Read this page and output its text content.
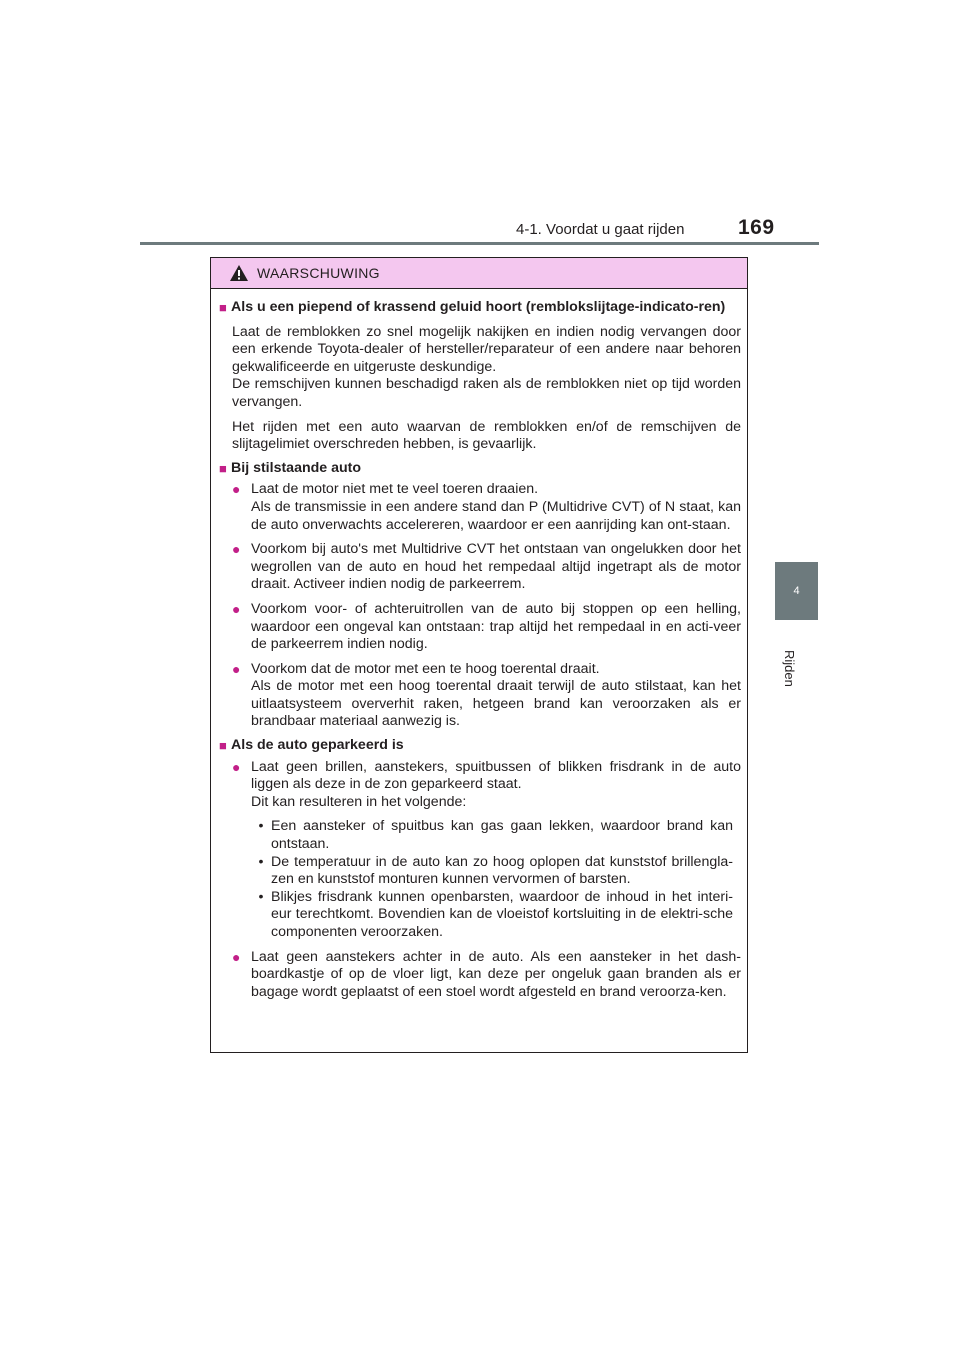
4-1. Voordat u gaat rijden	169
4
Rijden
WAARSCHUWING
■ Als u een piepend of krassend geluid hoort (remblokslijtage-indicato-ren)
Laat de remblokken zo snel mogelijk nakijken en indien nodig vervangen door een erkende Toyota-dealer of hersteller/reparateur of een andere naar behoren gekwalificeerde en uitgeruste deskundige.
De remschijven kunnen beschadigd raken als de remblokken niet op tijd worden vervangen.
Het rijden met een auto waarvan de remblokken en/of de remschijven de slijtagelimiet overschreden hebben, is gevaarlijk.
■ Bij stilstaande auto
● Laat de motor niet met te veel toeren draaien.
Als de transmissie in een andere stand dan P (Multidrive CVT) of N staat, kan de auto onverwachts accelereren, waardoor er een aanrijding kan ont-staan.
● Voorkom bij auto's met Multidrive CVT het ontstaan van ongelukken door het wegrollen van de auto en houd het rempedaal altijd ingetrapt als de motor draait. Activeer indien nodig de parkeerrem.
● Voorkom voor- of achteruitrollen van de auto bij stoppen op een helling, waardoor een ongeval kan ontstaan: trap altijd het rempedaal in en acti-veer de parkeerrem indien nodig.
● Voorkom dat de motor met een te hoog toerental draait.
Als de motor met een hoog toerental draait terwijl de auto stilstaat, kan het uitlaatsysteem oververhit raken, hetgeen brand kan veroorzaken als er brandbaar materiaal aanwezig is.
■ Als de auto geparkeerd is
● Laat geen brillen, aanstekers, spuitbussen of blikken frisdrank in de auto liggen als deze in de zon geparkeerd staat.
Dit kan resulteren in het volgende:
• Een aansteker of spuitbus kan gas gaan lekken, waardoor brand kan ontstaan.
• De temperatuur in de auto kan zo hoog oplopen dat kunststof brillengla-zen en kunststof monturen kunnen vervormen of barsten.
• Blikjes frisdrank kunnen openbarsten, waardoor de inhoud in het interi-eur terechtkomt. Bovendien kan de vloeistof kortsluiting in de elektri-sche componenten veroorzaken.
● Laat geen aanstekers achter in de auto. Als een aansteker in het dash-boardkastje of op de vloer ligt, kan deze per ongeluk gaan branden als er bagage wordt geplaatst of een stoel wordt afgesteld en brand veroorza-ken.
